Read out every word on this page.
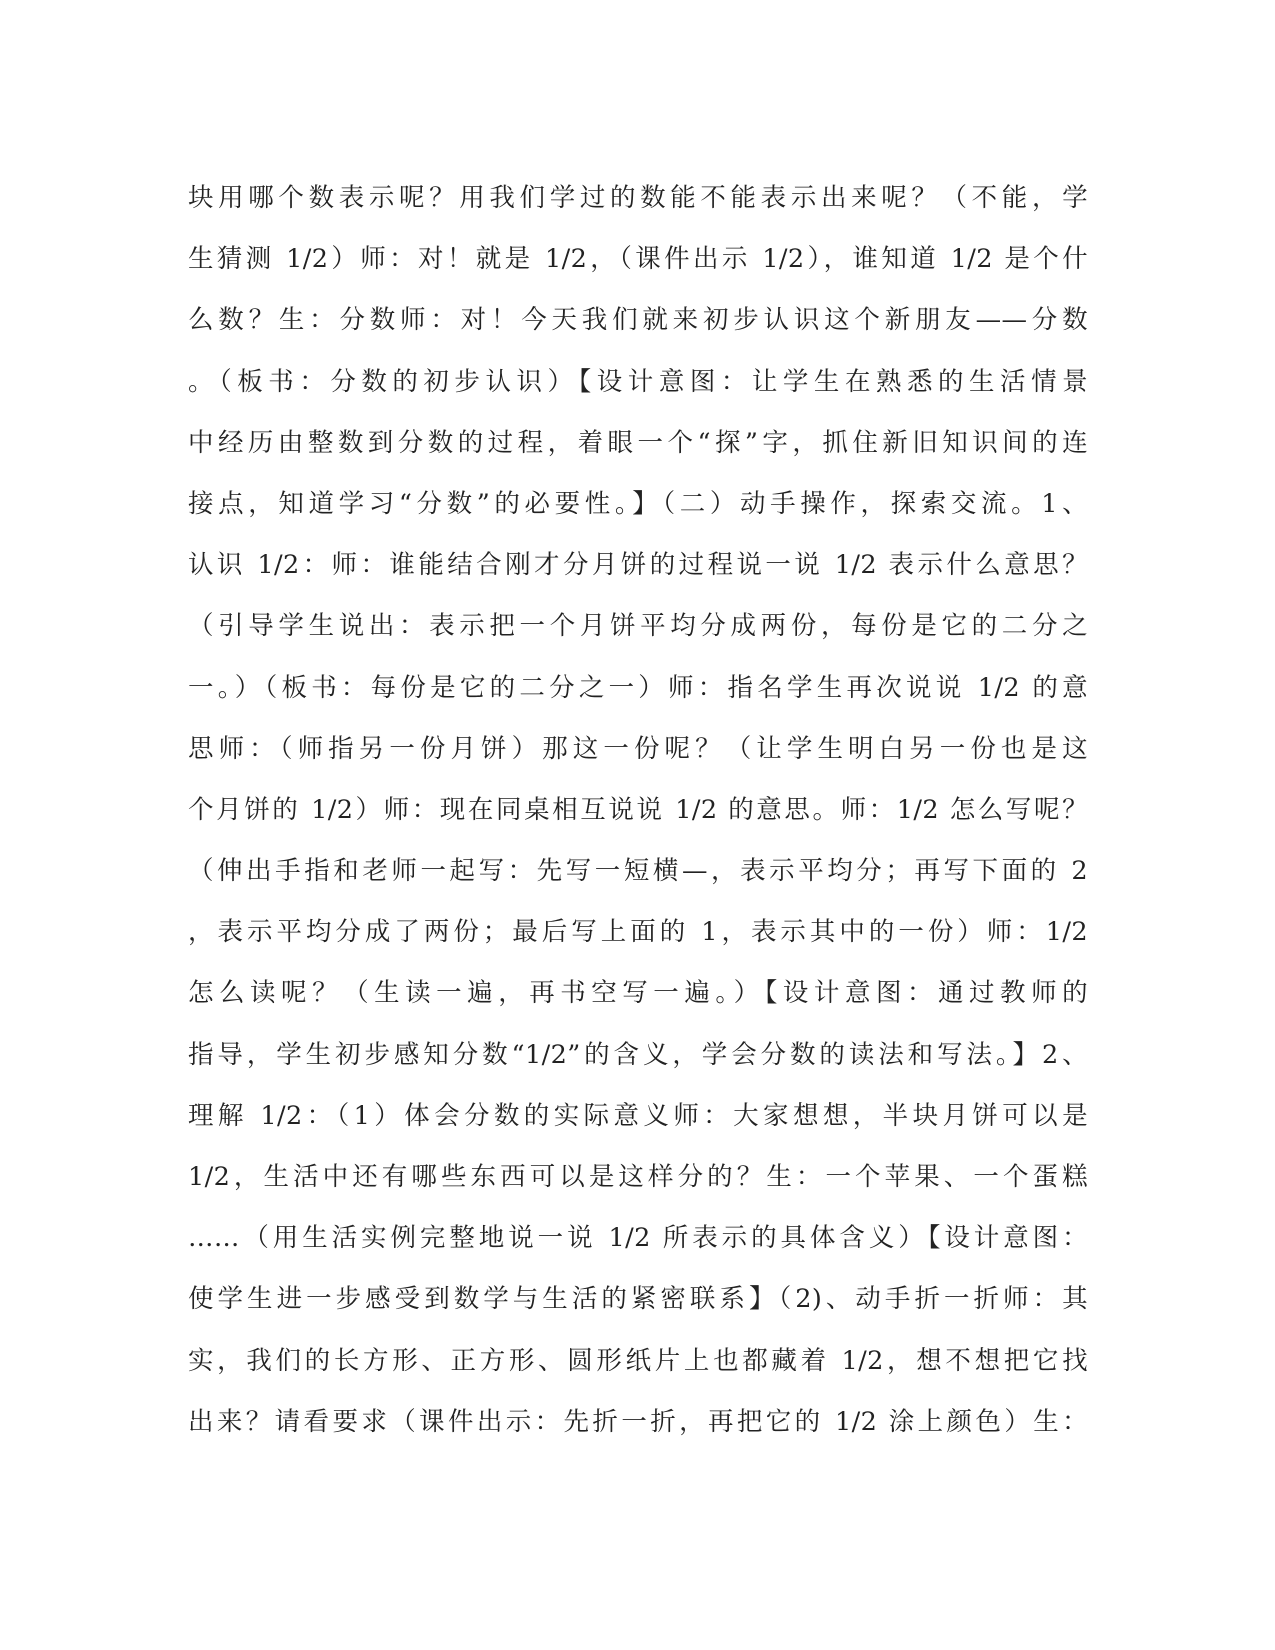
块用哪个数表示呢？用我们学过的数能不能表示出来呢？（不能，学
生猜测 1/2）师：对！就是 1/2，（课件出示 1/2），谁知道 1/2 是个什
么数？生：分数师：对！今天我们就来初步认识这个新朋友——分数
。（板书：分数的初步认识）【设计意图：让学生在熟悉的生活情景
中经历由整数到分数的过程，着眼一个“探”字，抓住新旧知识间的连
接点，知道学习“分数”的必要性。】（二）动手操作，探索交流。1、
认识 1/2：师：谁能结合刚才分月饼的过程说一说 1/2 表示什么意思？
（引导学生说出：表示把一个月饼平均分成两份，每份是它的二分之
一。）（板书：每份是它的二分之一）师：指名学生再次说说 1/2 的意
思师：（师指另一份月饼）那这一份呢？（让学生明白另一份也是这
个月饼的 1/2）师：现在同桌相互说说 1/2 的意思。师：1/2 怎么写呢？
（伸出手指和老师一起写：先写一短横—，表示平均分；再写下面的 2
，表示平均分成了两份；最后写上面的 1，表示其中的一份）师：1/2
怎么读呢？（生读一遍，再书空写一遍。）【设计意图：通过教师的
指导，学生初步感知分数“1/2”的含义，学会分数的读法和写法。】2、
理解 1/2：（1）体会分数的实际意义师：大家想想，半块月饼可以是
1/2，生活中还有哪些东西可以是这样分的？生：一个苹果、一个蛋糕
……（用生活实例完整地说一说 1/2 所表示的具体含义）【设计意图：
使学生进一步感受到数学与生活的紧密联系】（2)、动手折一折师：其
实，我们的长方形、正方形、圆形纸片上也都藏着 1/2，想不想把它找
出来？请看要求（课件出示：先折一折，再把它的 1/2 涂上颜色）生：
